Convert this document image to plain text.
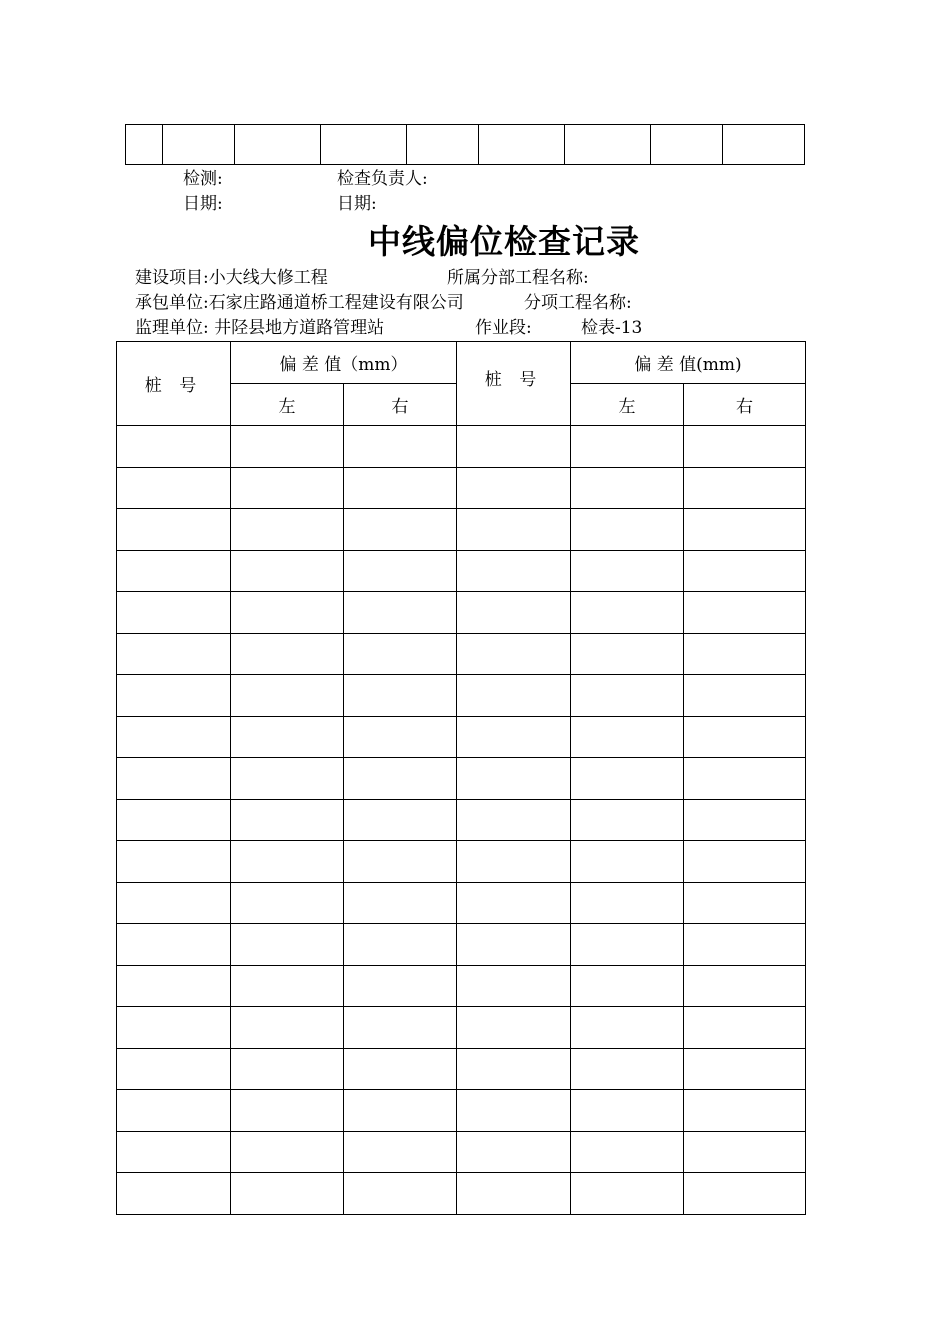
检测:	检查负责人:
日期:	日期:
中线偏位检查记录
建设项目:小大线大修工程	所属分部工程名称:
承包单位:石家庄路通道桥工程建设有限公司	分项工程名称:
监理单位: 井陉县地方道路管理站	作业段:	检表-13
桩 号	偏 差 值（mm）		桩 号	偏 差 值(mm)	
	左	右		左	右
